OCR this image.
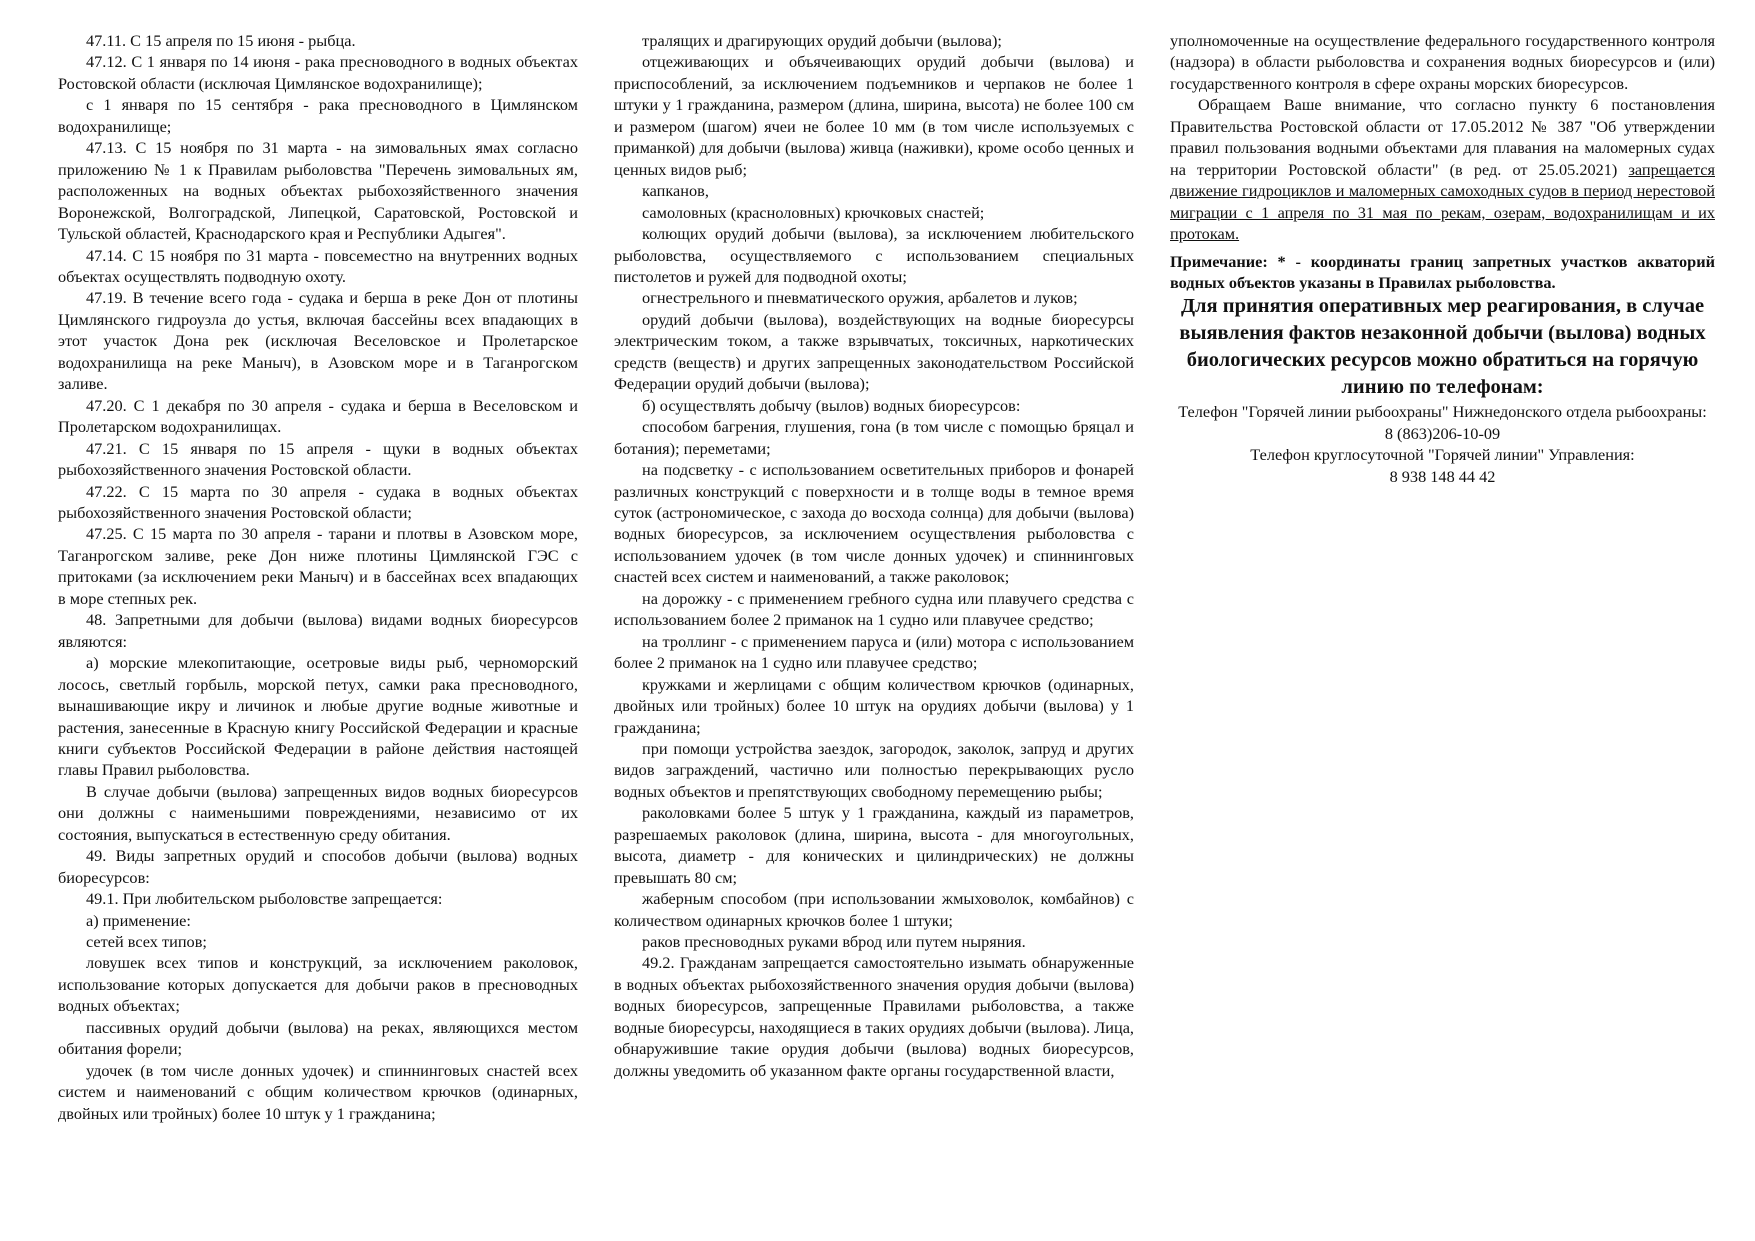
47.11. С 15 апреля по 15 июня - рыбца.

47.12. С 1 января по 14 июня - рака пресноводного в водных объектах Ростовской области (исключая Цимлянское водохранилище);

с 1 января по 15 сентября - рака пресноводного в Цимлянском водохранилище;

47.13. С 15 ноября по 31 марта - на зимовальных ямах согласно приложению № 1 к Правилам рыболовства "Перечень зимовальных ям, расположенных на водных объектах рыбохозяйственного значения Воронежской, Волгоградской, Липецкой, Саратовской, Ростовской и Тульской областей, Краснодарского края и Республики Адыгея".

47.14. С 15 ноября по 31 марта - повсеместно на внутренних водных объектах осуществлять подводную охоту.

47.19. В течение всего года - судака и берша в реке Дон от плотины Цимлянского гидроузла до устья, включая бассейны всех впадающих в этот участок Дона рек (исключая Веселовское и Пролетарское водохранилища на реке Маныч), в Азовском море и в Таганрогском заливе.

47.20. С 1 декабря по 30 апреля - судака и берша в Веселовском и Пролетарском водохранилищах.

47.21. С 15 января по 15 апреля - щуки в водных объектах рыбохозяйственного значения Ростовской области.

47.22. С 15 марта по 30 апреля - судака в водных объектах рыбохозяйственного значения Ростовской области;

47.25. С 15 марта по 30 апреля - тарани и плотвы в Азовском море, Таганрогском заливе, реке Дон ниже плотины Цимлянской ГЭС с притоками (за исключением реки Маныч) и в бассейнах всех впадающих в море степных рек.

48. Запретными для добычи (вылова) видами водных биоресурсов являются:

а) морские млекопитающие, осетровые виды рыб, черноморский лосось, светлый горбыль, морской петух, самки рака пресноводного, вынашивающие икру и личинок и любые другие водные животные и растения, занесенные в Красную книгу Российской Федерации и красные книги субъектов Российской Федерации в районе действия настоящей главы Правил рыболовства.

В случае добычи (вылова) запрещенных видов водных биоресурсов они должны с наименьшими повреждениями, независимо от их состояния, выпускаться в естественную среду обитания.

49. Виды запретных орудий и способов добычи (вылова) водных биоресурсов:

49.1. При любительском рыболовстве запрещается:

а) применение:

сетей всех типов;

ловушек всех типов и конструкций, за исключением раколовок, использование которых допускается для добычи раков в пресноводных водных объектах;

пассивных орудий добычи (вылова) на реках, являющихся местом обитания форели;

удочек (в том числе донных удочек) и спиннинговых снастей всех систем и наименований с общим количеством крючков (одинарных, двойных или тройных) более 10 штук у 1 гражданина;

тралящих и драгирующих орудий добычи (вылова);

отцеживающих и объячеивающих орудий добычи (вылова) и приспособлений, за исключением подъемников и черпаков не более 1 штуки у 1 гражданина, размером (длина, ширина, высота) не более 100 см и размером (шагом) ячеи не более 10 мм (в том числе используемых с приманкой) для добычи (вылова) живца (наживки), кроме особо ценных и ценных видов рыб;

капканов,

самоловных (красноловных) крючковых снастей;

колющих орудий добычи (вылова), за исключением любительского рыболовства, осуществляемого с использованием специальных пистолетов и ружей для подводной охоты;

огнестрельного и пневматического оружия, арбалетов и луков;

орудий добычи (вылова), воздействующих на водные биоресурсы электрическим током, а также взрывчатых, токсичных, наркотических средств (веществ) и других запрещенных законодательством Российской Федерации орудий добычи (вылова);

б) осуществлять добычу (вылов) водных биоресурсов:

способом багрения, глушения, гона (в том числе с помощью бряцал и ботания); переметами;

на подсветку - с использованием осветительных приборов и фонарей различных конструкций с поверхности и в толще воды в темное время суток (астрономическое, с захода до восхода солнца) для добычи (вылова) водных биоресурсов, за исключением осуществления рыболовства с использованием удочек (в том числе донных удочек) и спиннинговых снастей всех систем и наименований, а также раколовок;

на дорожку - с применением гребного судна или плавучего средства с использованием более 2 приманок на 1 судно или плавучее средство;

на троллинг - с применением паруса и (или) мотора с использованием более 2 приманок на 1 судно или плавучее средство;

кружками и жерлицами с общим количеством крючков (одинарных, двойных или тройных) более 10 штук на орудиях добычи (вылова) у 1 гражданина;

при помощи устройства заездок, загородок, заколок, запруд и других видов заграждений, частично или полностью перекрывающих русло водных объектов и препятствующих свободному перемещению рыбы;

раколовками более 5 штук у 1 гражданина, каждый из параметров, разрешаемых раколовок (длина, ширина, высота - для многоугольных, высота, диаметр - для конических и цилиндрических) не должны превышать 80 см;

жаберным способом (при использовании жмыховолок, комбайнов) с количеством одинарных крючков более 1 штуки;

раков пресноводных руками вброд или путем ныряния.

49.2. Гражданам запрещается самостоятельно изымать обнаруженные в водных объектах рыбохозяйственного значения орудия добычи (вылова) водных биоресурсов, запрещенные Правилами рыболовства, а также водные биоресурсы, находящиеся в таких орудиях добычи (вылова). Лица, обнаружившие такие орудия добычи (вылова) водных биоресурсов, должны уведомить об указанном факте органы государственной власти,

уполномоченные на осуществление федерального государственного контроля (надзора) в области рыболовства и сохранения водных биоресурсов и (или) государственного контроля в сфере охраны морских биоресурсов.

Обращаем Ваше внимание, что согласно пункту 6 постановления Правительства Ростовской области от 17.05.2012 № 387 "Об утверждении правил пользования водными объектами для плавания на маломерных судах на территории Ростовской области" (в ред. от 25.05.2021) запрещается движение гидроциклов и маломерных самоходных судов в период нерестовой миграции с 1 апреля по 31 мая по рекам, озерам, водохранилищам и их протокам.

Примечание: * - координаты границ запретных участков акваторий водных объектов указаны в Правилах рыболовства.

Для принятия оперативных мер реагирования, в случае выявления фактов незаконной добычи (вылова) водных биологических ресурсов можно обратиться на горячую линию по телефонам:

Телефон "Горячей линии рыбоохраны" Нижнедонского отдела рыбоохраны:

8 (863)206-10-09

Телефон круглосуточной "Горячей линии" Управления:

8 938 148 44 42
